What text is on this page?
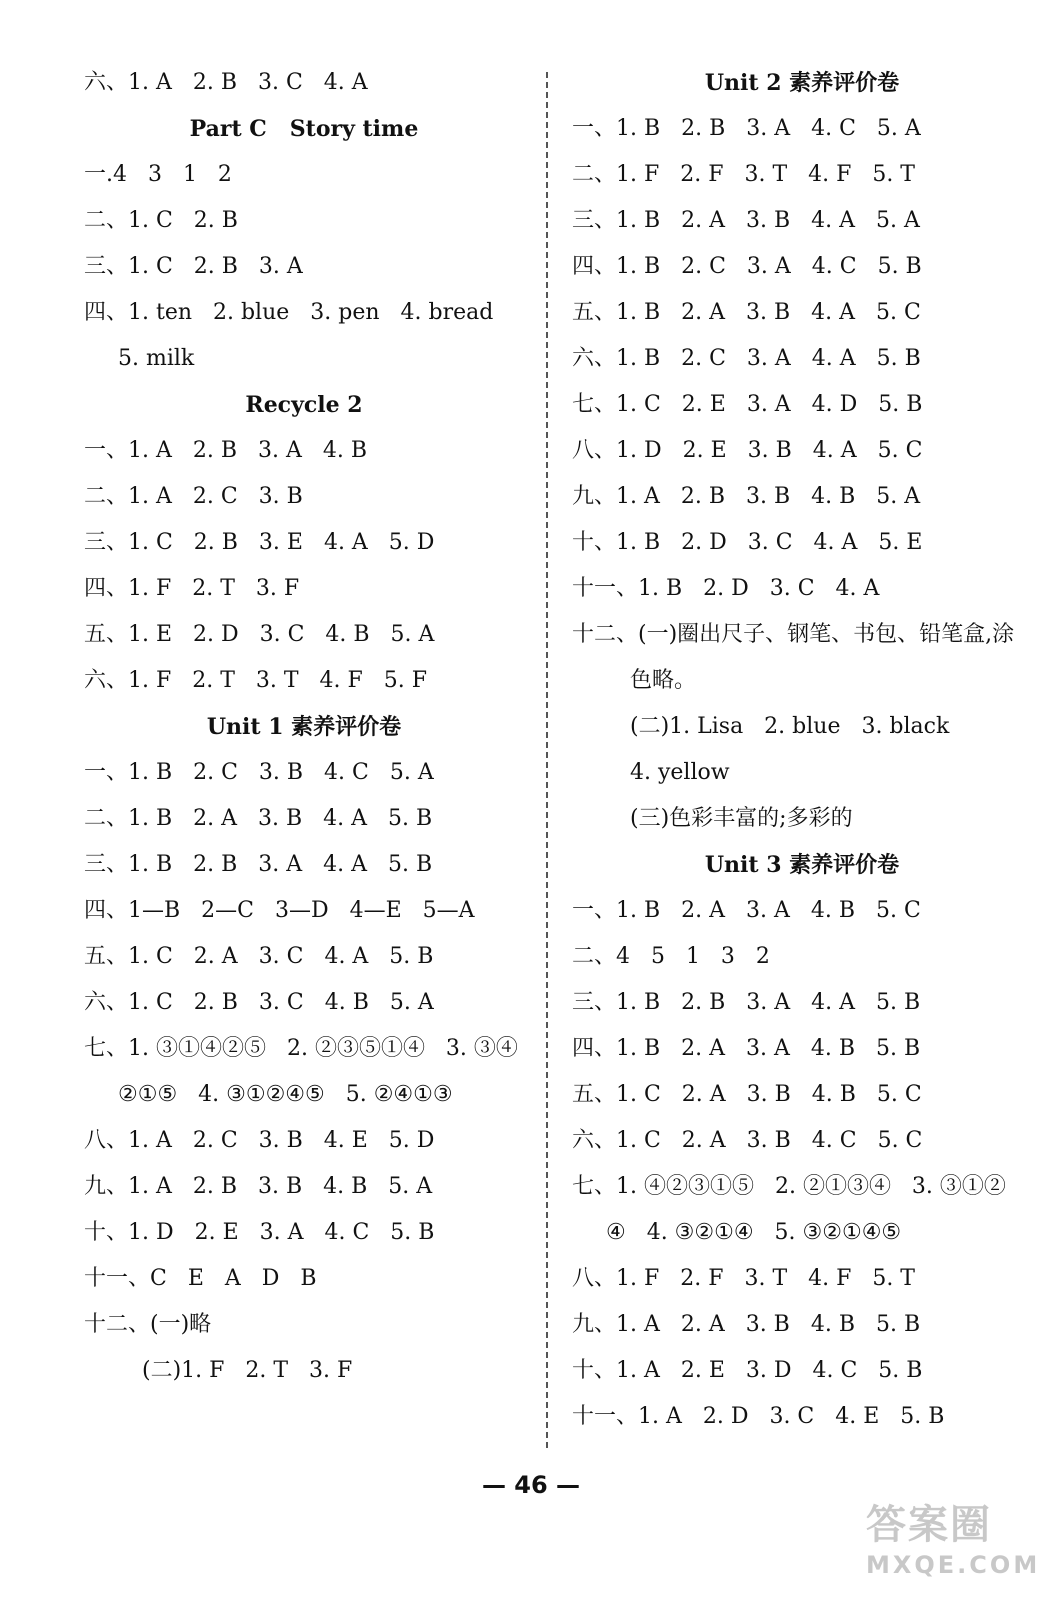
六、1. A   2. B   3. C   4. A
Part C   Story time
一.4   3   1   2
二、1. C   2. B
三、1. C   2. B   3. A
四、1. ten   2. blue   3. pen   4. bread
5. milk
Recycle 2
一、1. A   2. B   3. A   4. B
二、1. A   2. C   3. B
三、1. C   2. B   3. E   4. A   5. D
四、1. F   2. T   3. F
五、1. E   2. D   3. C   4. B   5. A
六、1. F   2. T   3. T   4. F   5. F
Unit 1 素养评价卷
一、1. B   2. C   3. B   4. C   5. A
二、1. B   2. A   3. B   4. A   5. B
三、1. B   2. B   3. A   4. A   5. B
四、1—B   2—C   3—D   4—E   5—A
五、1. C   2. A   3. C   4. A   5. B
六、1. C   2. B   3. C   4. B   5. A
七、1. ③①④②⑤   2. ②③⑤①④   3. ③④
②①⑤   4. ③①②④⑤   5. ②④①③
八、1. A   2. C   3. B   4. E   5. D
九、1. A   2. B   3. B   4. B   5. A
十、1. D   2. E   3. A   4. C   5. B
十一、C   E   A   D   B
十二、(一)略
(二)1. F   2. T   3. F
Unit 2 素养评价卷
一、1. B   2. B   3. A   4. C   5. A
二、1. F   2. F   3. T   4. F   5. T
三、1. B   2. A   3. B   4. A   5. A
四、1. B   2. C   3. A   4. C   5. B
五、1. B   2. A   3. B   4. A   5. C
六、1. B   2. C   3. A   4. A   5. B
七、1. C   2. E   3. A   4. D   5. B
八、1. D   2. E   3. B   4. A   5. C
九、1. A   2. B   3. B   4. B   5. A
十、1. B   2. D   3. C   4. A   5. E
十一、1. B   2. D   3. C   4. A
十二、(一)圈出尺子、钢笔、书包、铅笔盒,涂
色略。
(二)1. Lisa   2. blue   3. black
4. yellow
(三)色彩丰富的;多彩的
Unit 3 素养评价卷
一、1. B   2. A   3. A   4. B   5. C
二、4   5   1   3   2
三、1. B   2. B   3. A   4. A   5. B
四、1. B   2. A   3. A   4. B   5. B
五、1. C   2. A   3. B   4. B   5. C
六、1. C   2. A   3. B   4. C   5. C
七、1. ④②③①⑤   2. ②①③④   3. ③①②
④   4. ③②①④   5. ③②①④⑤
八、1. F   2. F   3. T   4. F   5. T
九、1. A   2. A   3. B   4. B   5. B
十、1. A   2. E   3. D   4. C   5. B
十一、1. A   2. D   3. C   4. E   5. B
— 46 —
答案圈
MXQE.COM
